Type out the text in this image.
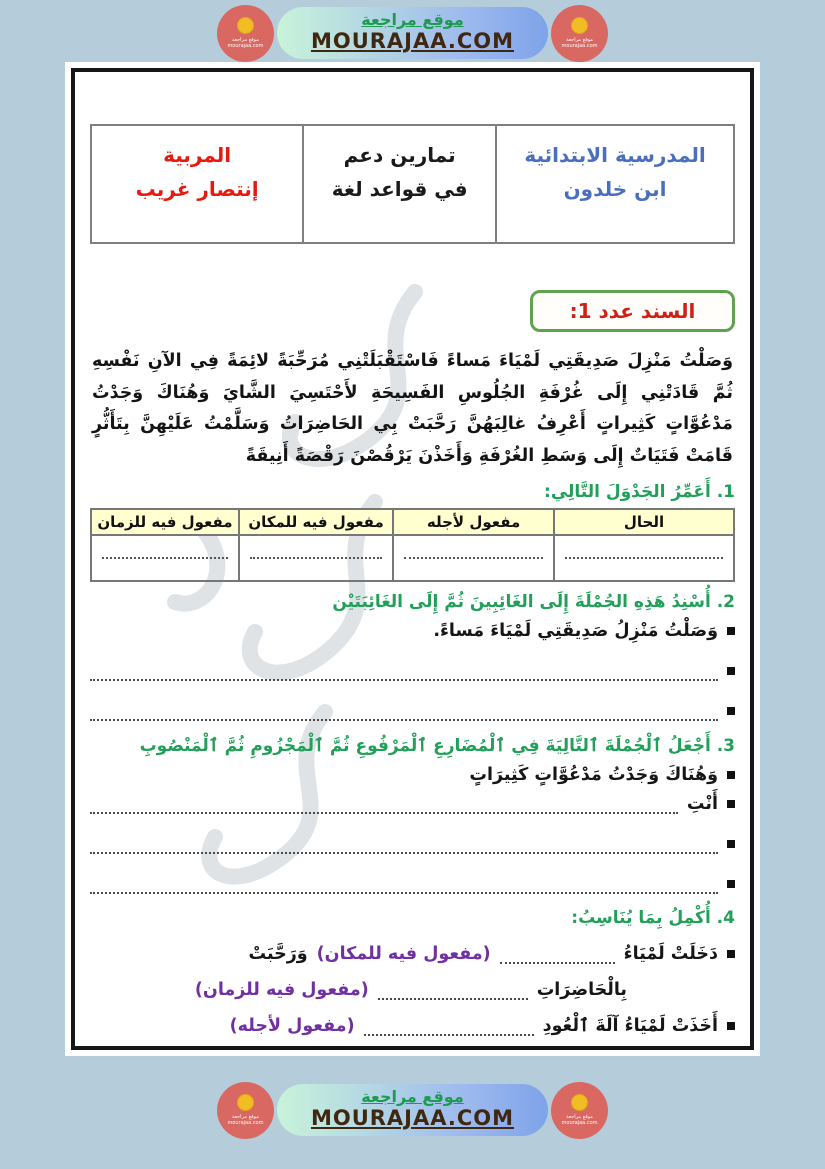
موقع مراجعة
mourajaa.com
موقع مراجعة
MOURAJAA.COM	موقع مراجعة
mourajaa.com
المدرسية الابتدائية
ابن خلدون

تمارين دعم
في قواعد لغة

المربية
إنتصار غريب
السند عدد 1:

وَصَلْتُ مَنْزِلَ صَدِيقَتِي لَمْيَاءَ مَساءً فَاسْتَقْبَلَتْنِي مُرَحِّبَةً لائِمَةً فِي الآنِ نَفْسِهِ ثُمَّ قَادَتْنِي إِلَى غُرْفَةِ الجُلُوسِ الفَسِيحَةِ لأَحْتَسِيَ الشَّايَ وَهُنَاكَ وَجَدْتُ مَدْعُوَّاتٍ كَثِيراتٍ أَعْرِفُ غالِبَهُنَّ رَحَّبَتْ بِي الحَاضِرَاتُ وَسَلَّمْتُ عَلَيْهِنَّ بِتَأَثُّرٍ قَامَتْ فَتَيَاتٌ إِلَى وَسَطِ الغُرْفَةِ وَأَخَذْنَ يَرْقُصْنَ رَقْصَةً أَنِيقَةً

1. أَعَمِّرُ الجَدْوَلَ التَّالِي:
الحال	مفعول لأجله	مفعول فيه للمكان	مفعول فيه للزمان

2. أُسْنِدُ هَذِهِ الجُمْلَةَ إِلَى الغَائِبِينَ ثُمَّ إِلَى الغَائِبَتَيْن
وَصَلْتُ مَنْزِلُ صَدِيقَتِي لَمْيَاءَ مَساءً.
3. أَجْعَلُ ٱلْجُمْلَةَ ٱلتَّالِيَةَ فِي ٱلْمُضَارِعِ ٱلْمَرْفُوعِ ثُمَّ ٱلْمَجْزُومِ ثُمَّ ٱلْمَنْصُوبِ
وَهُنَاكَ وَجَدْتُ مَدْعُوَّاتٍ كَثِيرَاتٍ
أَنْتِ
4. أُكْمِلُ بِمَا يُنَاسِبُ:
دَخَلَتْ لَمْيَاءُ
(مفعول فيه للمكان)
وَرَحَّبَتْ
بِالْحَاضِرَاتِ
(مفعول فيه للزمان)
أَخَذَتْ لَمْيَاءُ آلَةَ ٱلْعُودِ
(مفعول لأجله)
موقع مراجعة
mourajaa.com
موقع مراجعة
MOURAJAA.COM	موقع مراجعة
mourajaa.com
